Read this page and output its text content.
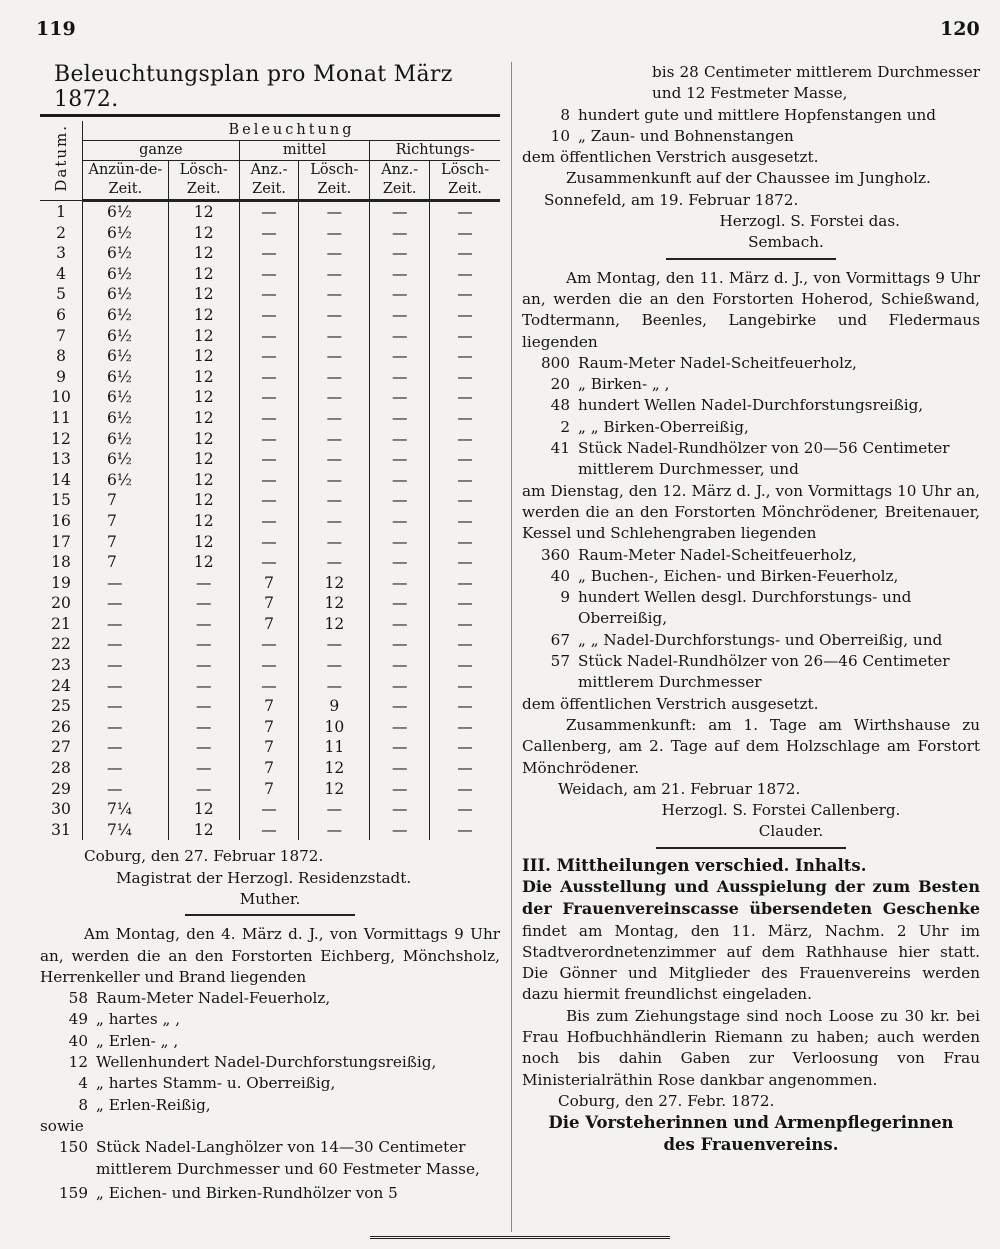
119	120
Beleuchtungsplan pro Monat März 1872.
Datum.	Beleuchtung					
	ganze		mittel		Richtungs-	
	Anzün-de-Zeit.	Lösch-Zeit.	Anz.-Zeit.	Lösch-Zeit.	Anz.-Zeit.	Lösch-Zeit.
1	6½	12	—	—	—	—
2	6½	12	—	—	—	—
3	6½	12	—	—	—	—
4	6½	12	—	—	—	—
5	6½	12	—	—	—	—
6	6½	12	—	—	—	—
7	6½	12	—	—	—	—
8	6½	12	—	—	—	—
9	6½	12	—	—	—	—
10	6½	12	—	—	—	—
11	6½	12	—	—	—	—
12	6½	12	—	—	—	—
13	6½	12	—	—	—	—
14	6½	12	—	—	—	—
15	7	12	—	—	—	—
16	7	12	—	—	—	—
17	7	12	—	—	—	—
18	7	12	—	—	—	—
19	—	—	7	12	—	—
20	—	—	7	12	—	—
21	—	—	7	12	—	—
22	—	—	—	—	—	—
23	—	—	—	—	—	—
24	—	—	—	—	—	—
25	—	—	7	9	—	—
26	—	—	7	10	—	—
27	—	—	7	11	—	—
28	—	—	7	12	—	—
29	—	—	7	12	—	—
30	7¼	12	—	—	—	—
31	7¼	12	—	—	—	—

Coburg, den 27. Februar 1872.

Magistrat der Herzogl. Residenzstadt.

Muther.

Am Montag, den 4. März d. J., von Vormittags 9 Uhr an, werden die an den Forstorten Eichberg, Mönchsholz, Herrenkeller und Brand liegenden

58 Raum-Meter Nadel-Feuerholz,
49 „ hartes „ ,
40 „ Erlen- „ ,
12 Wellenhundert Nadel-Durchforstungsreißig,
4 „ hartes Stamm- u. Oberreißig,
8 „ Erlen-Reißig,

sowie

150 Stück Nadel-Langhölzer von 14—30 Centimeter mittlerem Durchmesser und 60 Festmeter Masse,
159 „ Eichen- und Birken-Rundhölzer von 5

bis 28 Centimeter mittlerem Durchmesser und 12 Festmeter Masse,

8 hundert gute und mittlere Hopfenstangen und
10 „ Zaun- und Bohnenstangen

dem öffentlichen Verstrich ausgesetzt.

Zusammenkunft auf der Chaussee im Jungholz.

Sonnefeld, am 19. Februar 1872.

Herzogl. S. Forstei das.

Sembach.

Am Montag, den 11. März d. J., von Vormittags 9 Uhr an, werden die an den Forstorten Hoherod, Schießwand, Todtermann, Beenles, Langebirke und Fledermaus liegenden

800 Raum-Meter Nadel-Scheitfeuerholz,
20 „ Birken- „ ,
48 hundert Wellen Nadel-Durchforstungsreißig,
2 „ „ Birken-Oberreißig,
41 Stück Nadel-Rundhölzer von 20—56 Centimeter mittlerem Durchmesser, und

am Dienstag, den 12. März d. J., von Vormittags 10 Uhr an, werden die an den Forstorten Mönchrödener, Breitenauer, Kessel und Schlehengraben liegenden

360 Raum-Meter Nadel-Scheitfeuerholz,
40 „ Buchen-, Eichen- und Birken-Feuerholz,
9 hundert Wellen desgl. Durchforstungs- und Oberreißig,
67 „ „ Nadel-Durchforstungs- und Oberreißig, und
57 Stück Nadel-Rundhölzer von 26—46 Centimeter mittlerem Durchmesser

dem öffentlichen Verstrich ausgesetzt.

Zusammenkunft: am 1. Tage am Wirthshause zu Callenberg, am 2. Tage auf dem Holzschlage am Forstort Mönchrödener.

Weidach, am 21. Februar 1872.

Herzogl. S. Forstei Callenberg.

Clauder.

III. Mittheilungen verschied. Inhalts.

Die Ausstellung und Ausspielung der zum Besten der Frauenvereinscasse übersendeten Geschenke findet am Montag, den 11. März, Nachm. 2 Uhr im Stadtverordnetenzimmer auf dem Rathhause hier statt. Die Gönner und Mitglieder des Frauenvereins werden dazu hiermit freundlichst eingeladen.

Bis zum Ziehungstage sind noch Loose zu 30 kr. bei Frau Hofbuchhändlerin Riemann zu haben; auch werden noch bis dahin Gaben zur Verloosung von Frau Ministerialräthin Rose dankbar angenommen.

Coburg, den 27. Febr. 1872.

Die Vorsteherinnen und Armenpflegerinnen des Frauenvereins.
